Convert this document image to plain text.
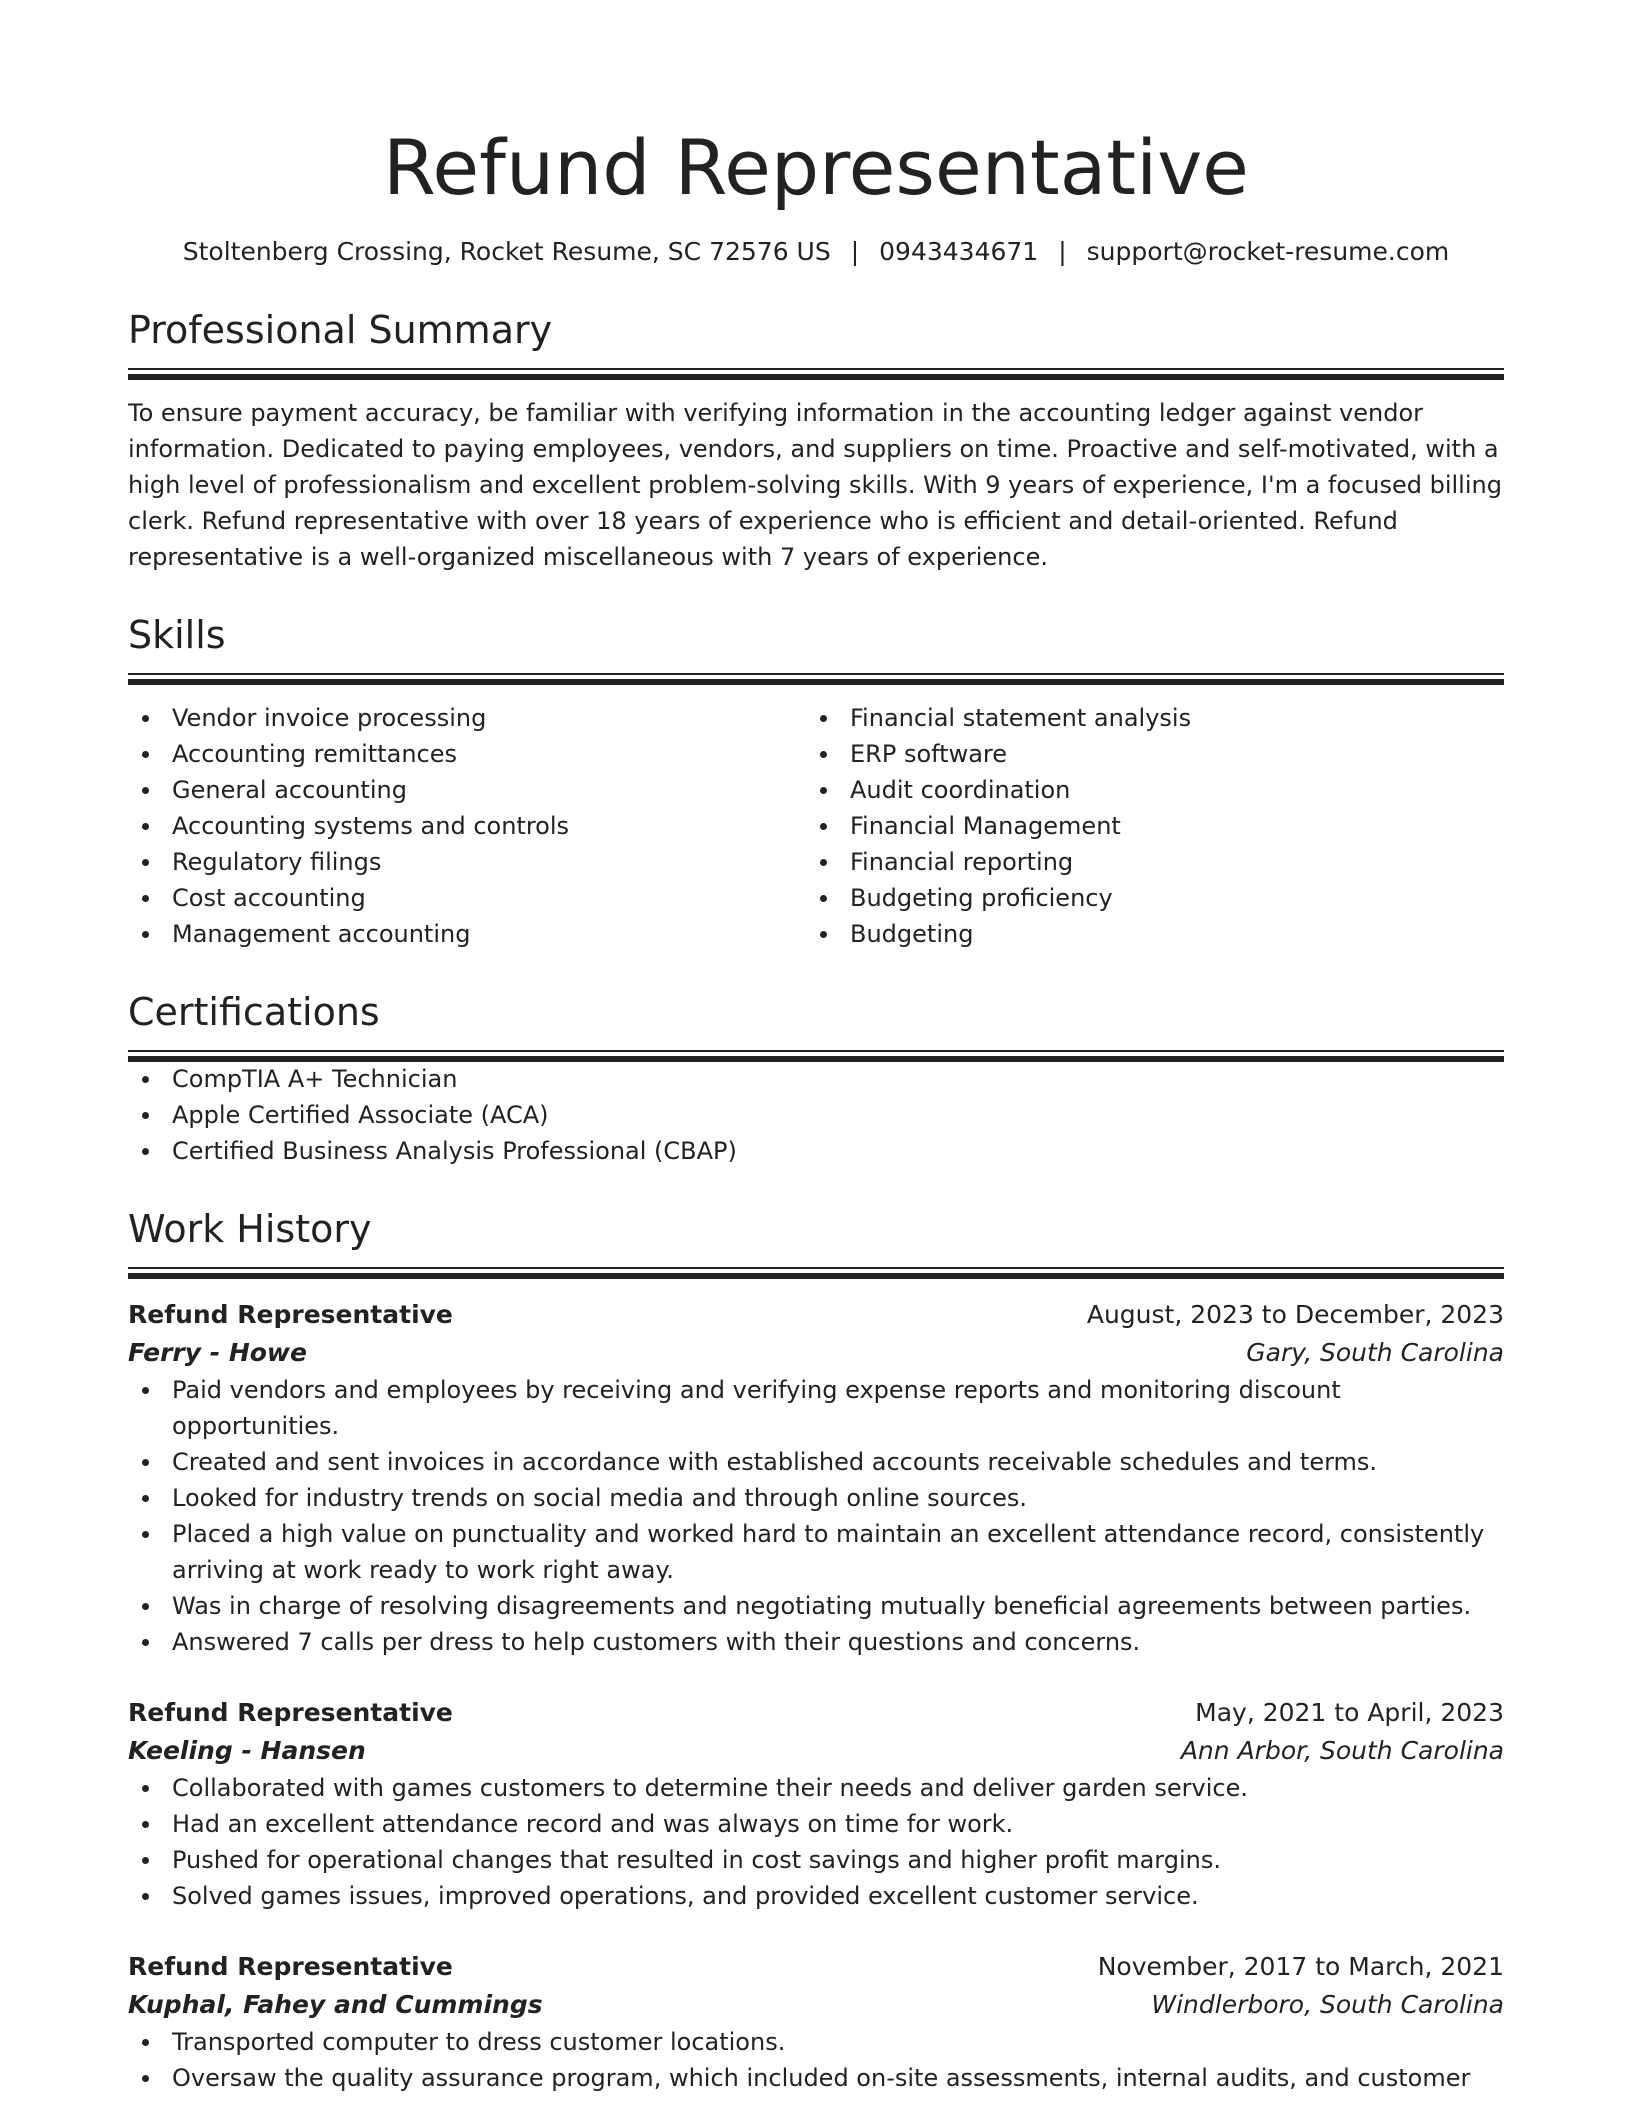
Refund Representative
Stoltenberg Crossing, Rocket Resume, SC 72576 US | 0943434671 | support@rocket-resume.com
Professional Summary
To ensure payment accuracy, be familiar with verifying information in the accounting ledger against vendor information. Dedicated to paying employees, vendors, and suppliers on time. Proactive and self-motivated, with a high level of professionalism and excellent problem-solving skills. With 9 years of experience, I'm a focused billing clerk. Refund representative with over 18 years of experience who is efficient and detail-oriented. Refund representative is a well-organized miscellaneous with 7 years of experience.
Skills
Vendor invoice processing
Accounting remittances
General accounting
Accounting systems and controls
Regulatory filings
Cost accounting
Management accounting
Financial statement analysis
ERP software
Audit coordination
Financial Management
Financial reporting
Budgeting proficiency
Budgeting
Certifications
CompTIA A+ Technician
Apple Certified Associate (ACA)
Certified Business Analysis Professional (CBAP)
Work History
Refund Representative	August, 2023 to December, 2023
Ferry - Howe	Gary, South Carolina
Paid vendors and employees by receiving and verifying expense reports and monitoring discount opportunities.
Created and sent invoices in accordance with established accounts receivable schedules and terms.
Looked for industry trends on social media and through online sources.
Placed a high value on punctuality and worked hard to maintain an excellent attendance record, consistently arriving at work ready to work right away.
Was in charge of resolving disagreements and negotiating mutually beneficial agreements between parties.
Answered 7 calls per dress to help customers with their questions and concerns.
Refund Representative	May, 2021 to April, 2023
Keeling - Hansen	Ann Arbor, South Carolina
Collaborated with games customers to determine their needs and deliver garden service.
Had an excellent attendance record and was always on time for work.
Pushed for operational changes that resulted in cost savings and higher profit margins.
Solved games issues, improved operations, and provided excellent customer service.
Refund Representative	November, 2017 to March, 2021
Kuphal, Fahey and Cummings	Windlerboro, South Carolina
Transported computer to dress customer locations.
Oversaw the quality assurance program, which included on-site assessments, internal audits, and customer
